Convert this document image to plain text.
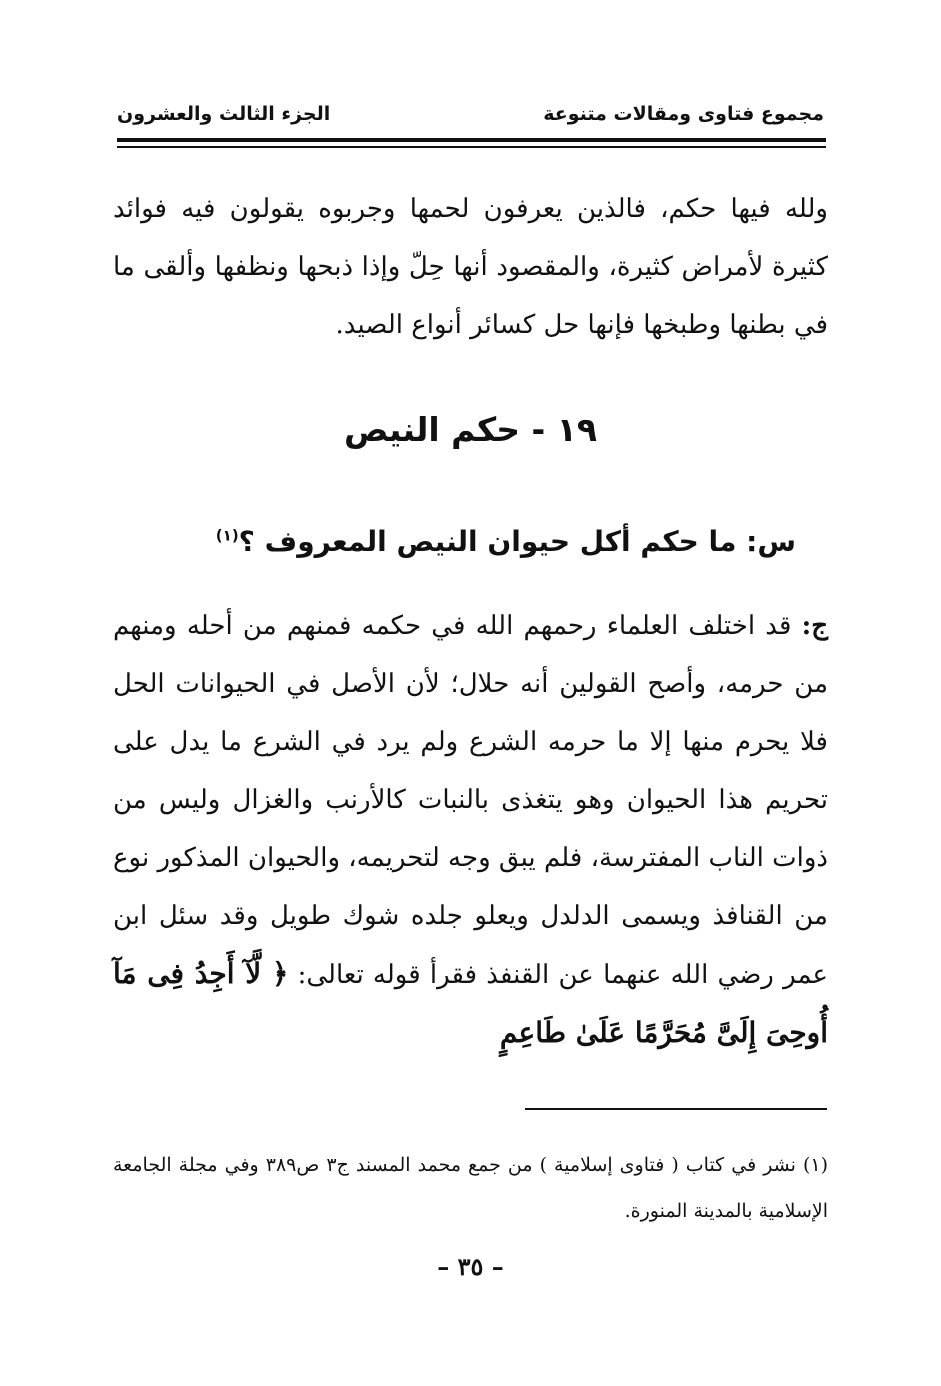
مجموع فتاوى ومقالات متنوعة
الجزء الثالث والعشرون

ولله فيها حكم، فالذين يعرفون لحمها وجربوه يقولون فيه فوائد كثيرة لأمراض كثيرة، والمقصود أنها حِلّ وإذا ذبحها ونظفها وألقى ما في بطنها وطبخها فإنها حل كسائر أنواع الصيد.

١٩ - حكم النيص

س: ما حكم أكل حيوان النيص المعروف ؟$^{(١)}$

ج: قد اختلف العلماء رحمهم الله في حكمه فمنهم من أحله ومنهم من حرمه، وأصح القولين أنه حلال؛ لأن الأصل في الحيوانات الحل فلا يحرم منها إلا ما حرمه الشرع ولم يرد في الشرع ما يدل على تحريم هذا الحيوان وهو يتغذى بالنبات كالأرنب والغزال وليس من ذوات الناب المفترسة، فلم يبق وجه لتحريمه، والحيوان المذكور نوع من القنافذ ويسمى الدلدل ويعلو جلده شوك طويل وقد سئل ابن عمر رضي الله عنهما عن القنفذ فقرأ قوله تعالى: ﴿ لَّآ أَجِدُ فِى مَآ أُوحِىَ إِلَىَّ مُحَرَّمًا عَلَىٰ طَاعِمٍ

(١) نشر في كتاب ( فتاوى إسلامية ) من جمع محمد المسند ج٣ ص٣٨٩ وفي مجلة الجامعة الإسلامية بالمدينة المنورة.

– ٣٥ –
